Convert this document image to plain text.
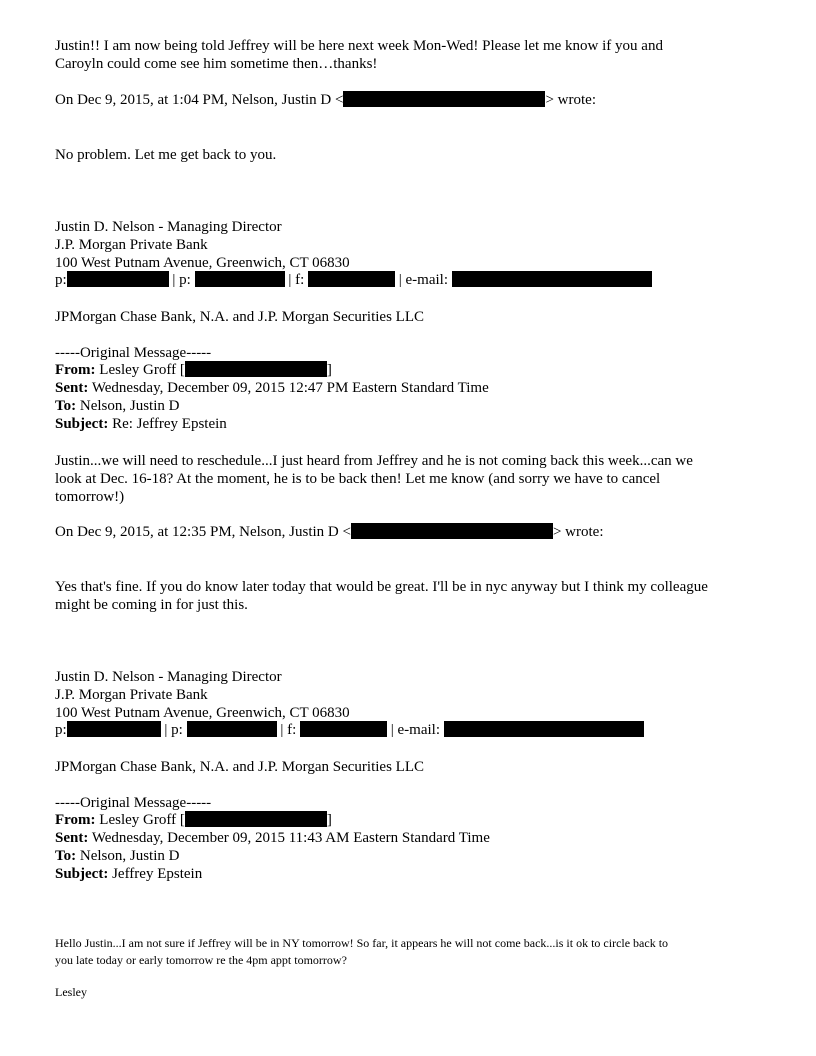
Justin!! I am now being told Jeffrey will be here next week Mon-Wed! Please let me know if you and
Caroyln could come see him sometime then…thanks!
On Dec 9, 2015, at 1:04 PM, Nelson, Justin D <	> wrote:
No problem. Let me get back to you.
Justin D. Nelson - Managing Director
J.P. Morgan Private Bank
100 West Putnam Avenue, Greenwich, CT 06830
p:	| p:	| f:	| e-mail:
JPMorgan Chase Bank, N.A. and J.P. Morgan Securities LLC
-----Original Message-----
From: Lesley Groff [	]
Sent: Wednesday, December 09, 2015 12:47 PM Eastern Standard Time
To: Nelson, Justin D
Subject: Re: Jeffrey Epstein
Justin...we will need to reschedule...I just heard from Jeffrey and he is not coming back this week...can we
look at Dec. 16-18? At the moment, he is to be back then! Let me know (and sorry we have to cancel
tomorrow!)
On Dec 9, 2015, at 12:35 PM, Nelson, Justin D <	> wrote:
Yes that's fine. If you do know later today that would be great. I'll be in nyc anyway but I think my colleague
might be coming in for just this.
Justin D. Nelson - Managing Director
J.P. Morgan Private Bank
100 West Putnam Avenue, Greenwich, CT 06830
p:	| p:	| f:	| e-mail:
JPMorgan Chase Bank, N.A. and J.P. Morgan Securities LLC
-----Original Message-----
From: Lesley Groff [	]
Sent: Wednesday, December 09, 2015 11:43 AM Eastern Standard Time
To: Nelson, Justin D
Subject: Jeffrey Epstein
Hello Justin...I am not sure if Jeffrey will be in NY tomorrow! So far, it appears he will not come back...is it ok to circle back to
you late today or early tomorrow re the 4pm appt tomorrow?
Lesley
